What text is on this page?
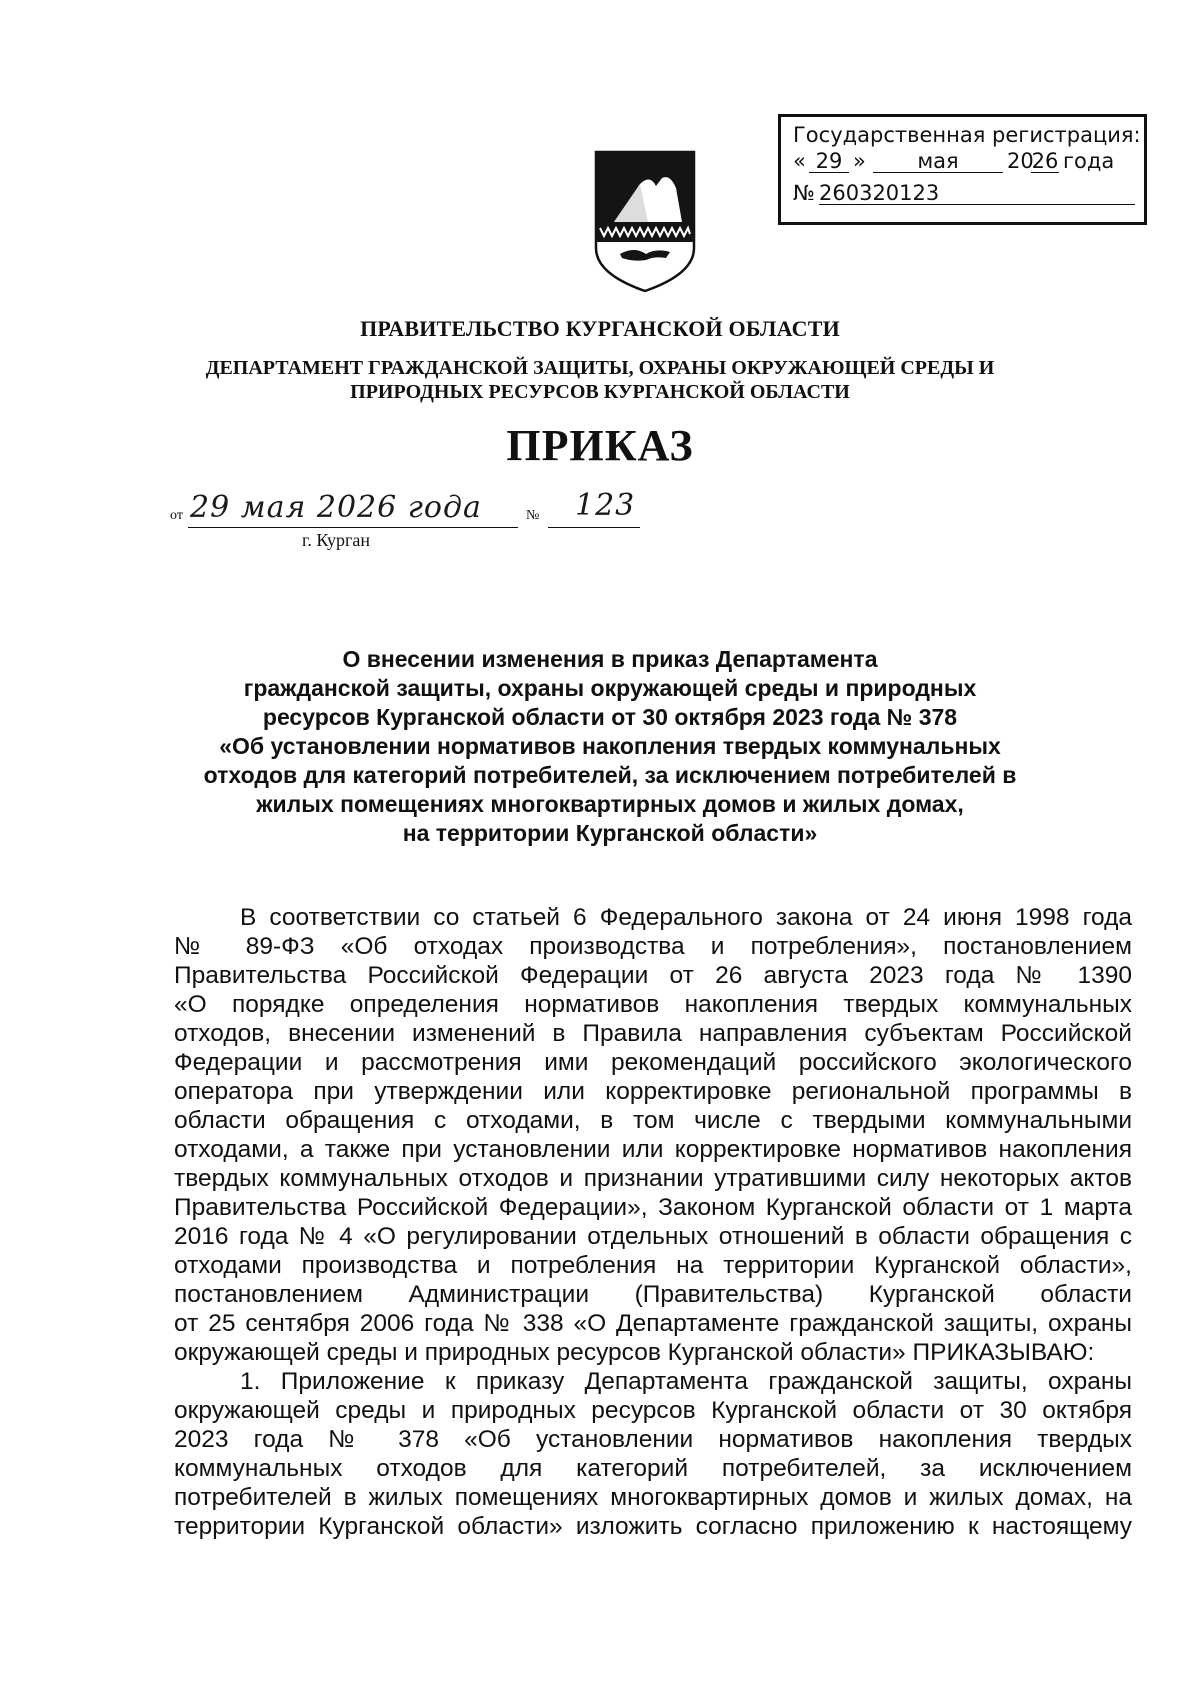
Государственная регистрация:
« 29 »	мая	20
26 года
№ 260320123
ПРАВИТЕЛЬСТВО КУРГАНСКОЙ ОБЛАСТИ
ДЕПАРТАМЕНТ ГРАЖДАНСКОЙ ЗАЩИТЫ, ОХРАНЫ ОКРУЖАЮЩЕЙ СРЕДЫ И
ПРИРОДНЫХ РЕСУРСОВ КУРГАНСКОЙ ОБЛАСТИ
ПРИКАЗ
от 29 мая 2026 года	№ 123
г. Курган
О внесении изменения в приказ Департамента
гражданской защиты, охраны окружающей среды и природных
ресурсов Курганской области от 30 октября 2023 года № 378
«Об установлении нормативов накопления твердых коммунальных
отходов для категорий потребителей, за исключением потребителей в
жилых помещениях многоквартирных домов и жилых домах,
на территории Курганской области»
В соответствии со статьей 6 Федерального закона от 24 июня 1998 года
№ 89-ФЗ «Об отходах производства и потребления», постановлением
Правительства Российской Федерации от 26 августа 2023 года № 1390
«О порядке определения нормативов накопления твердых коммунальных
отходов, внесении изменений в Правила направления субъектам Российской
Федерации и рассмотрения ими рекомендаций российского экологического
оператора при утверждении или корректировке региональной программы в
области обращения с отходами, в том числе с твердыми коммунальными
отходами, а также при установлении или корректировке нормативов накопления
твердых коммунальных отходов и признании утратившими силу некоторых актов
Правительства Российской Федерации», Законом Курганской области от 1 марта
2016 года № 4 «О регулировании отдельных отношений в области обращения с
отходами производства и потребления на территории Курганской области»,
постановлением Администрации (Правительства) Курганской области
от 25 сентября 2006 года № 338 «О Департаменте гражданской защиты, охраны
окружающей среды и природных ресурсов Курганской области» ПРИКАЗЫВАЮ:
1. Приложение к приказу Департамента гражданской защиты, охраны
окружающей среды и природных ресурсов Курганской области от 30 октября
2023 года № 378 «Об установлении нормативов накопления твердых
коммунальных отходов для категорий потребителей, за исключением
потребителей в жилых помещениях многоквартирных домов и жилых домах, на
территории Курганской области» изложить согласно приложению к настоящему
